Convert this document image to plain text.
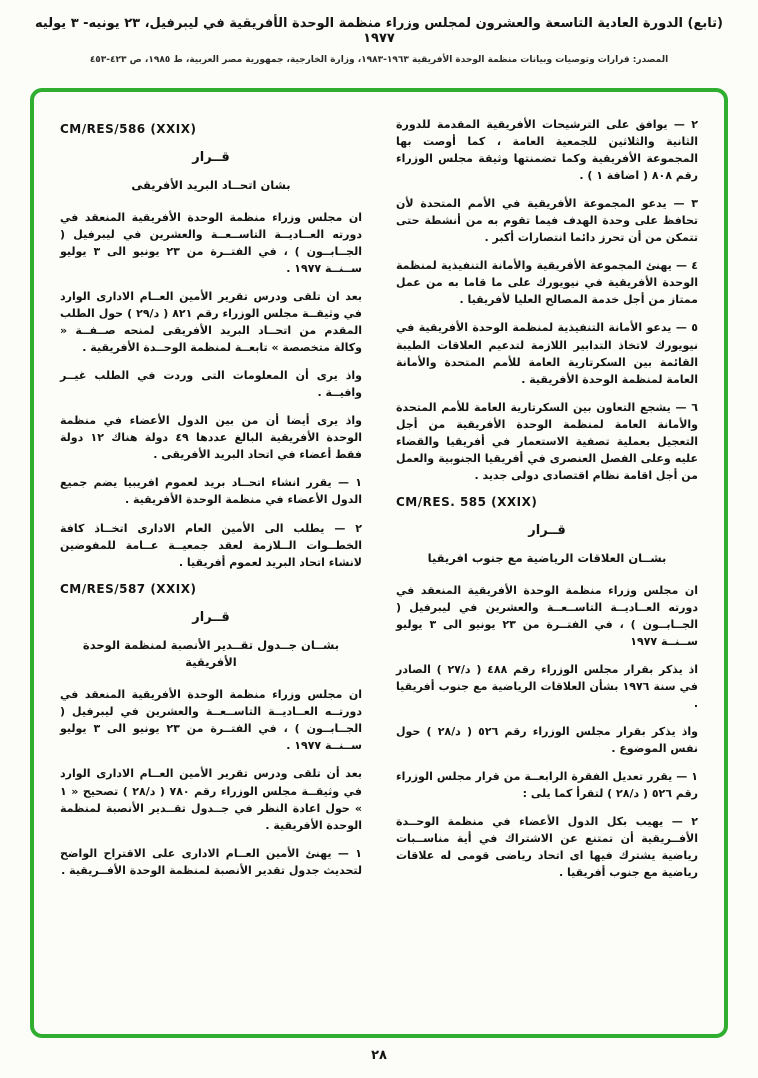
(تابع) الدورة العادية التاسعة والعشرون لمجلس وزراء منظمة الوحدة الأفريقية في ليبرفيل، ٢٣ يونيه- ٣ يوليه ١٩٧٧
المصدر: قرارات وتوصيات وبيانات منظمة الوحدة الأفريقية ١٩٦٣-١٩٨٣، وزارة الخارجية، جمهورية مصر العربية، ط ١٩٨٥، ص ٤٢٣-٤٥٣
٢ — يوافق على الترشيحات الأفريقية المقدمة للدورة الثانية والثلاثين للجمعية العامة ، كما أوصت بها المجموعة الأفريقية وكما تضمنتها وثيقة مجلس الوزراء رقم ٨٠٨ ( اضافة ١ ) .
٣ — يدعو المجموعة الأفريقية في الأمم المتحدة لأن تحافظ على وحدة الهدف فيما تقوم به من أنشطة حتى تتمكن من أن تحرز دائما انتصارات أكبر .
٤ — يهنئ المجموعة الأفريقية والأمانة التنفيذية لمنظمة الوحدة الأفريقية في نيويورك على ما قاما به من عمل ممتاز من أجل خدمة المصالح العليا لأفريقيا .
٥ — يدعو الأمانة التنفيذية لمنظمة الوحدة الأفريقية في نيويورك لاتخاذ التدابير اللازمة لتدعيم العلاقات الطيبة القائمة بين السكرتارية العامة للأمم المتحدة والأمانة العامة لمنظمة الوحدة الأفريقية .
٦ — يشجع التعاون بين السكرتارية العامة للأمم المتحدة والأمانة العامة لمنظمة الوحدة الأفريقية من أجل التعجيل بعملية تصفية الاستعمار في أفريقيا والقضاء عليه وعلى الفصل العنصرى في أفريقيا الجنوبية والعمل من أجل اقامة نظام اقتصادى دولى جديد .
CM/RES. 585 (XXIX)
قــرار
بشــان العلاقات الرياضية مع جنوب افريقيا
ان مجلس وزراء منظمة الوحدة الأفريقية المنعقد في دورته العــاديــة التاســعــة والعشرين في ليبرفيل ( الجــابــون ) ، في الفتــرة من ٢٣ يونيو الى ٣ يوليو ســنــة ١٩٧٧
اذ يذكر بقرار مجلس الوزراء رقم ٤٨٨ ( د/٢٧ ) الصادر في سنة ١٩٧٦ بشأن العلاقات الرياضية مع جنوب أفريقيا .
واذ يذكر بقرار مجلس الوزراء رقم ٥٢٦ ( د/٢٨ ) حول نفس الموضوع .
١ — يقرر تعديل الفقرة الرابعــة من قرار مجلس الوزراء رقم ٥٢٦ ( د/٢٨ ) لتقرأ كما يلى :
٢ — يهيب بكل الدول الأعضاء في منظمة الوحــدة الأفــريقية أن تمتنع عن الاشتراك في أية مناســبات رياضية يشترك فيها اى اتحاد رياضى قومى له علاقات رياضية مع جنوب أفريقيا .
CM/RES/586 (XXIX)
قــرار
بشان اتحــاد البريد الأفريقى
ان مجلس وزراء منظمة الوحدة الأفريقية المنعقد في دورته العــاديــة التاســعــة والعشرين في ليبرفيل ( الجــابــون ) ، في الفتــرة من ٢٣ يونيو الى ٣ يوليو ســنــة ١٩٧٧ .
بعد ان تلقى ودرس تقرير الأمين العــام الادارى الوارد في وثيقــة مجلس الوزراء رقم ٨٢١ ( د/٢٩ ) حول الطلب المقدم من اتحــاد البريد الأفريقى لمنحه صــفــة « وكالة متخصصة » تابعــة لمنظمة الوحــدة الأفريقية .
واذ يرى أن المعلومات التى وردت في الطلب غيــر وافيــة .
واذ يرى أيضا أن من بين الدول الأعضاء في منظمة الوحدة الأفريقية البالغ عددها ٤٩ دولة هناك ١٢ دولة فقط أعضاء في اتحاد البريد الأفريقى .
١ — يقرر انشاء اتحــاد بريد لعموم افريبيا يضم جميع الدول الأعضاء في منظمة الوحدة الأفريقية .
٢ — يطلب الى الأمين العام الادارى اتخــاذ كافة الخطــوات الــلازمة لعقد جمعيــة عــامة للمفوضين لانشاء اتحاد البريد لعموم أفريقيا .
CM/RES/587 (XXIX)
قــرار
بشــان جــدول تقــدير الأنصبة لمنظمة الوحدة الأفريقية
ان مجلس وزراء منظمة الوحدة الأفريقية المنعقد في دورتــه العــاديــة التاســعــة والعشرين في ليبرفيل ( الجــابــون ) ، في الفتــرة من ٢٣ يونيو الى ٣ يوليو ســنــة ١٩٧٧ .
بعد أن تلقى ودرس تقرير الأمين العــام الادارى الوارد في وثيقــة مجلس الوزراء رقم ٧٨٠ ( د/٢٨ ) تصحيح « ١ » حول اعادة النظر في جــدول تقــدير الأنصبة لمنظمة الوحدة الأفريقية .
١ — يهنئ الأمين العــام الادارى على الاقتراح الواضح لتحديث جدول تقدير الأنصبة لمنظمة الوحدة الأفــريقية .
٢٨
